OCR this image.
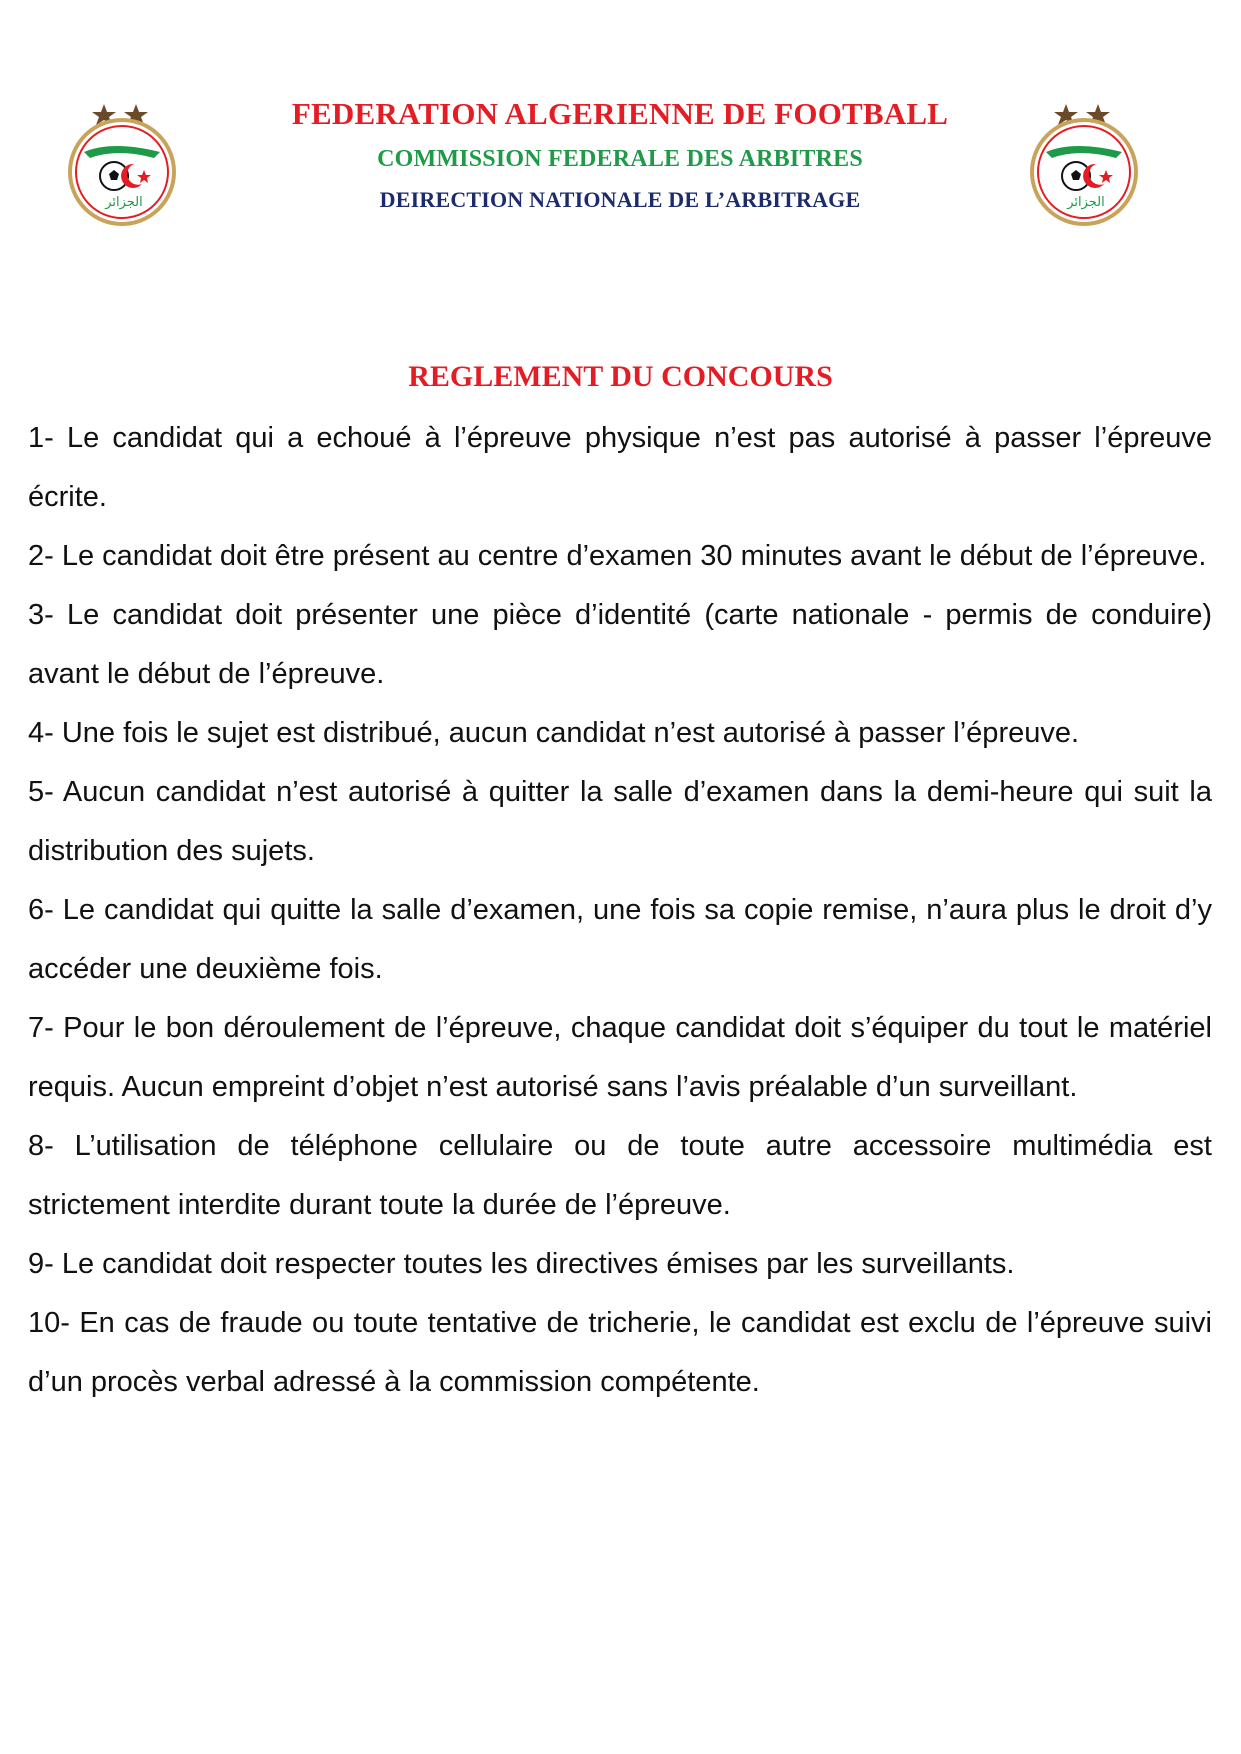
الجزائر	الجزائر
FEDERATION ALGERIENNE DE FOOTBALL
COMMISSION FEDERALE DES ARBITRES
DEIRECTION NATIONALE DE L’ARBITRAGE
REGLEMENT DU CONCOURS

1- Le candidat qui a echoué à l’épreuve physique n’est pas autorisé à passer l’épreuve écrite.

2- Le candidat doit être présent au centre d’examen 30 minutes avant le début de l’épreuve.

3- Le candidat doit présenter une pièce d’identité (carte nationale - permis de conduire) avant le début de l’épreuve.

4- Une fois le sujet est distribué, aucun candidat n’est autorisé à passer l’épreuve.

5- Aucun candidat n’est autorisé à quitter la salle d’examen dans la demi-heure qui suit la distribution des sujets.

6- Le candidat qui quitte la salle d’examen, une fois sa copie remise, n’aura plus le droit d’y accéder une deuxième fois.

7- Pour le bon déroulement de l’épreuve, chaque candidat doit s’équiper du tout le matériel requis. Aucun empreint d’objet n’est autorisé sans l’avis préalable d’un surveillant.

8- L’utilisation de téléphone cellulaire ou de toute autre accessoire multimédia est strictement interdite durant toute la durée de l’épreuve.

9- Le candidat doit respecter toutes les directives émises par les surveillants.

10- En cas de fraude ou toute tentative de tricherie, le candidat est exclu de l’épreuve suivi d’un procès verbal adressé à la commission compétente.
